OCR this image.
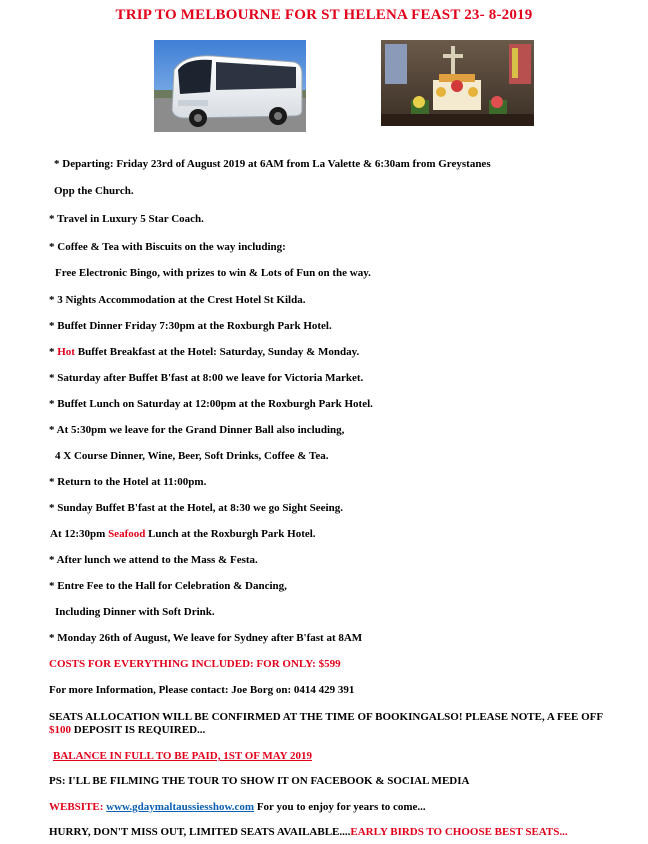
TRIP TO MELBOURNE FOR ST HELENA FEAST 23- 8-2019
* Departing: Friday 23rd of August 2019 at 6AM from La Valette & 6:30am from Greystanes
Opp the Church.
* Travel in Luxury 5 Star Coach.
* Coffee & Tea with Biscuits on the way including:
Free Electronic Bingo, with prizes to win & Lots of Fun on the way.
* 3 Nights Accommodation at the Crest Hotel St Kilda.
* Buffet Dinner Friday 7:30pm at the Roxburgh Park Hotel.
* Hot Buffet Breakfast at the Hotel: Saturday, Sunday & Monday.
* Saturday after Buffet B'fast at 8:00 we leave for Victoria Market.
* Buffet Lunch on Saturday at 12:00pm at the Roxburgh Park Hotel.
* At 5:30pm we leave for the Grand Dinner Ball also including,
4 X Course Dinner, Wine, Beer, Soft Drinks, Coffee & Tea.
* Return to the Hotel at 11:00pm.
* Sunday Buffet B'fast at the Hotel, at 8:30 we go Sight Seeing.
At 12:30pm Seafood Lunch at the Roxburgh Park Hotel.
* After lunch we attend to the Mass & Festa.
* Entre Fee to the Hall for Celebration & Dancing,
Including Dinner with Soft Drink.
* Monday 26th of August, We leave for Sydney after B'fast at 8AM
COSTS FOR EVERYTHING INCLUDED: FOR ONLY: $599
For more Information, Please contact: Joe Borg on: 0414 429 391
SEATS ALLOCATION WILL BE CONFIRMED AT THE TIME OF BOOKINGALSO! PLEASE NOTE, A FEE OFF
$100 DEPOSIT IS REQUIRED...
BALANCE IN FULL TO BE PAID, 1ST OF MAY 2019
PS: I'LL BE FILMING THE TOUR TO SHOW IT ON FACEBOOK & SOCIAL MEDIA
WEBSITE: www.gdaymaltaussiesshow.com For you to enjoy for years to come...
HURRY, DON'T MISS OUT, LIMITED SEATS AVAILABLE....EARLY BIRDS TO CHOOSE BEST SEATS...
